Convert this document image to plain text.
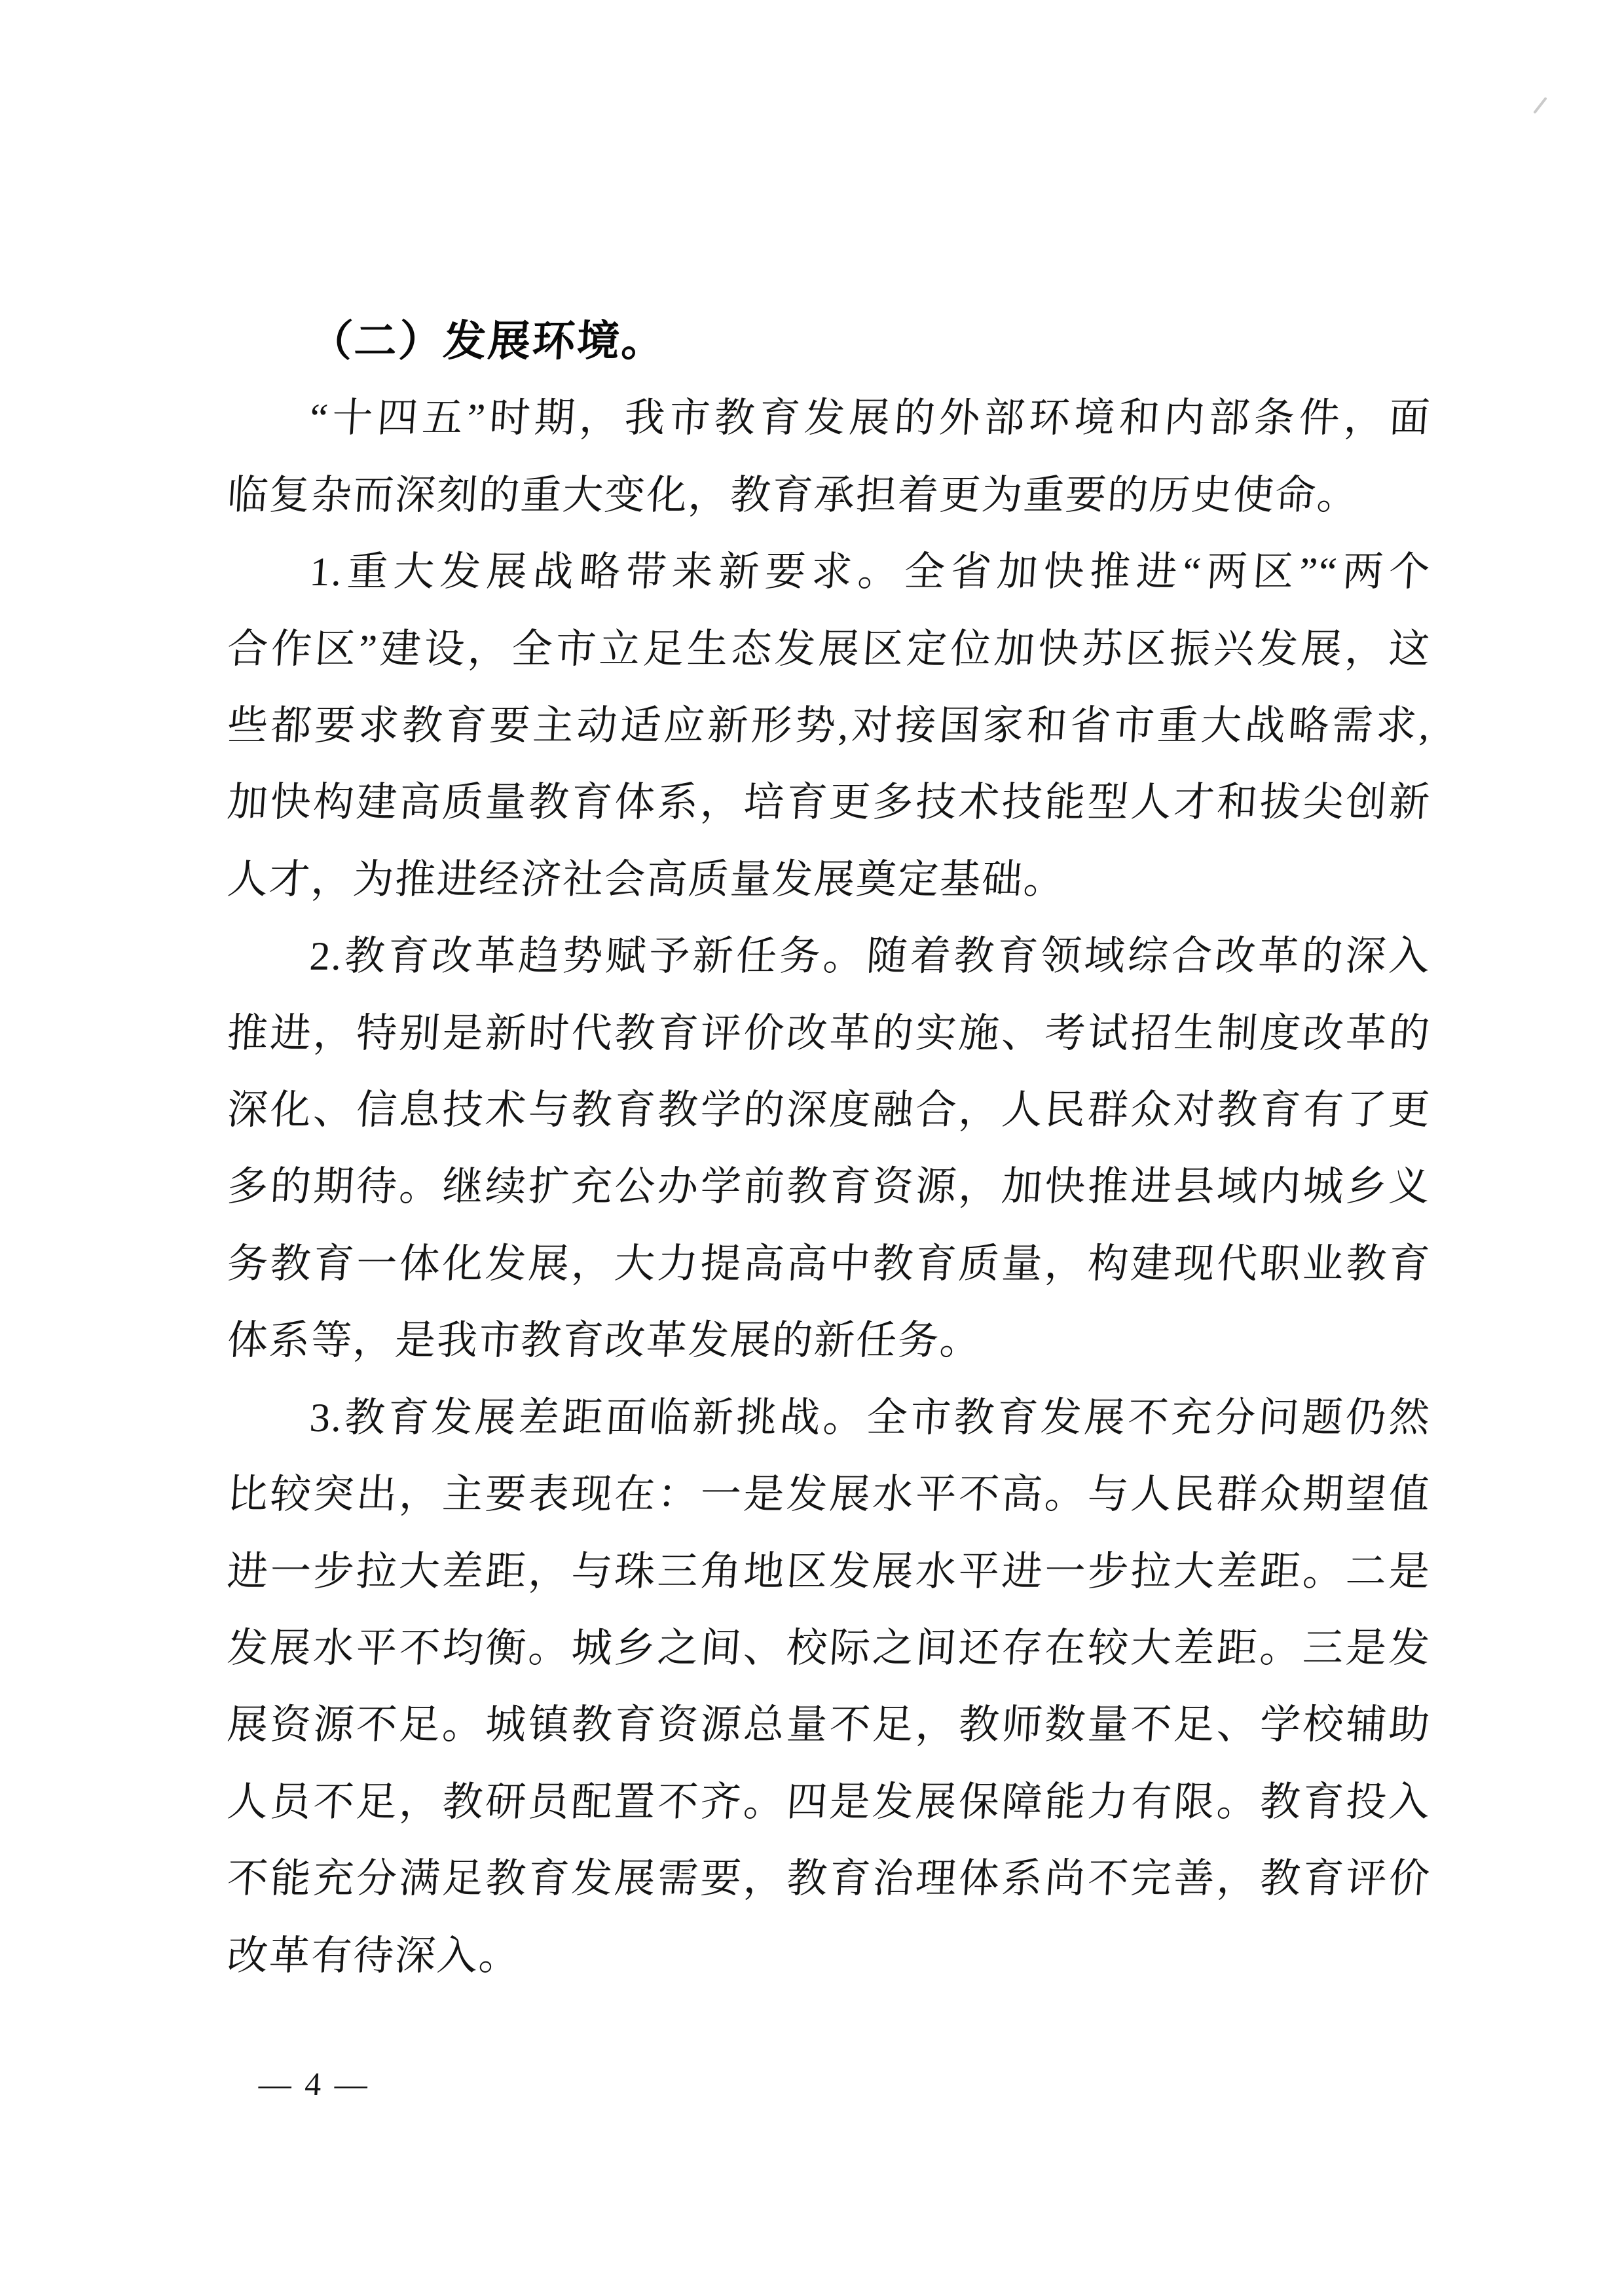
（二）发展环境。
“十四五”时期，我市教育发展的外部环境和内部条件，面
临复杂而深刻的重大变化，教育承担着更为重要的历史使命。
1.重大发展战略带来新要求。全省加快推进“两区”“两个
合作区”建设，全市立足生态发展区定位加快苏区振兴发展，这
些都要求教育要主动适应新形势,对接国家和省市重大战略需求,
加快构建高质量教育体系，培育更多技术技能型人才和拔尖创新
人才，为推进经济社会高质量发展奠定基础。
2.教育改革趋势赋予新任务。随着教育领域综合改革的深入
推进，特别是新时代教育评价改革的实施、考试招生制度改革的
深化、信息技术与教育教学的深度融合，人民群众对教育有了更
多的期待。继续扩充公办学前教育资源，加快推进县域内城乡义
务教育一体化发展，大力提高高中教育质量，构建现代职业教育
体系等，是我市教育改革发展的新任务。
3.教育发展差距面临新挑战。全市教育发展不充分问题仍然
比较突出，主要表现在：一是发展水平不高。与人民群众期望值
进一步拉大差距，与珠三角地区发展水平进一步拉大差距。二是
发展水平不均衡。城乡之间、校际之间还存在较大差距。三是发
展资源不足。城镇教育资源总量不足，教师数量不足、学校辅助
人员不足，教研员配置不齐。四是发展保障能力有限。教育投入
不能充分满足教育发展需要，教育治理体系尚不完善，教育评价
改革有待深入。
— 4 —
